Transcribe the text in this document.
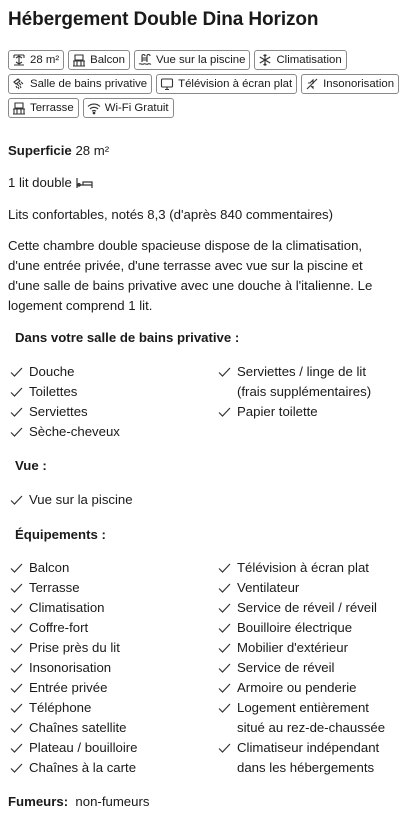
Hébergement Double Dina Horizon
28 m²	Balcon	Vue sur la piscine	Climatisation
Salle de bains privative	Télévision à écran plat	Insonorisation
Terrasse	Wi-Fi Gratuit
Superficie 28 m²
1 lit double
Lits confortables, notés 8,3 (d'après 840 commentaires)
Cette chambre double spacieuse dispose de la climatisation, d'une entrée privée, d'une terrasse avec vue sur la piscine et d'une salle de bains privative avec une douche à l'italienne. Le logement comprend 1 lit.
Dans votre salle de bains privative :
Douche
Toilettes
Serviettes
Sèche-cheveux
Serviettes / linge de lit
(frais supplémentaires)
Papier toilette
Vue :
Vue sur la piscine
Équipements :
Balcon
Terrasse
Climatisation
Coffre-fort
Prise près du lit
Insonorisation
Entrée privée
Téléphone
Chaînes satellite
Plateau / bouilloire
Chaînes à la carte
Télévision à écran plat
Ventilateur
Service de réveil / réveil
Bouilloire électrique
Mobilier d'extérieur
Service de réveil
Armoire ou penderie
Logement entièrement
situé au rez-de-chaussée
Climatiseur indépendant
dans les hébergements
Fumeurs: non-fumeurs
